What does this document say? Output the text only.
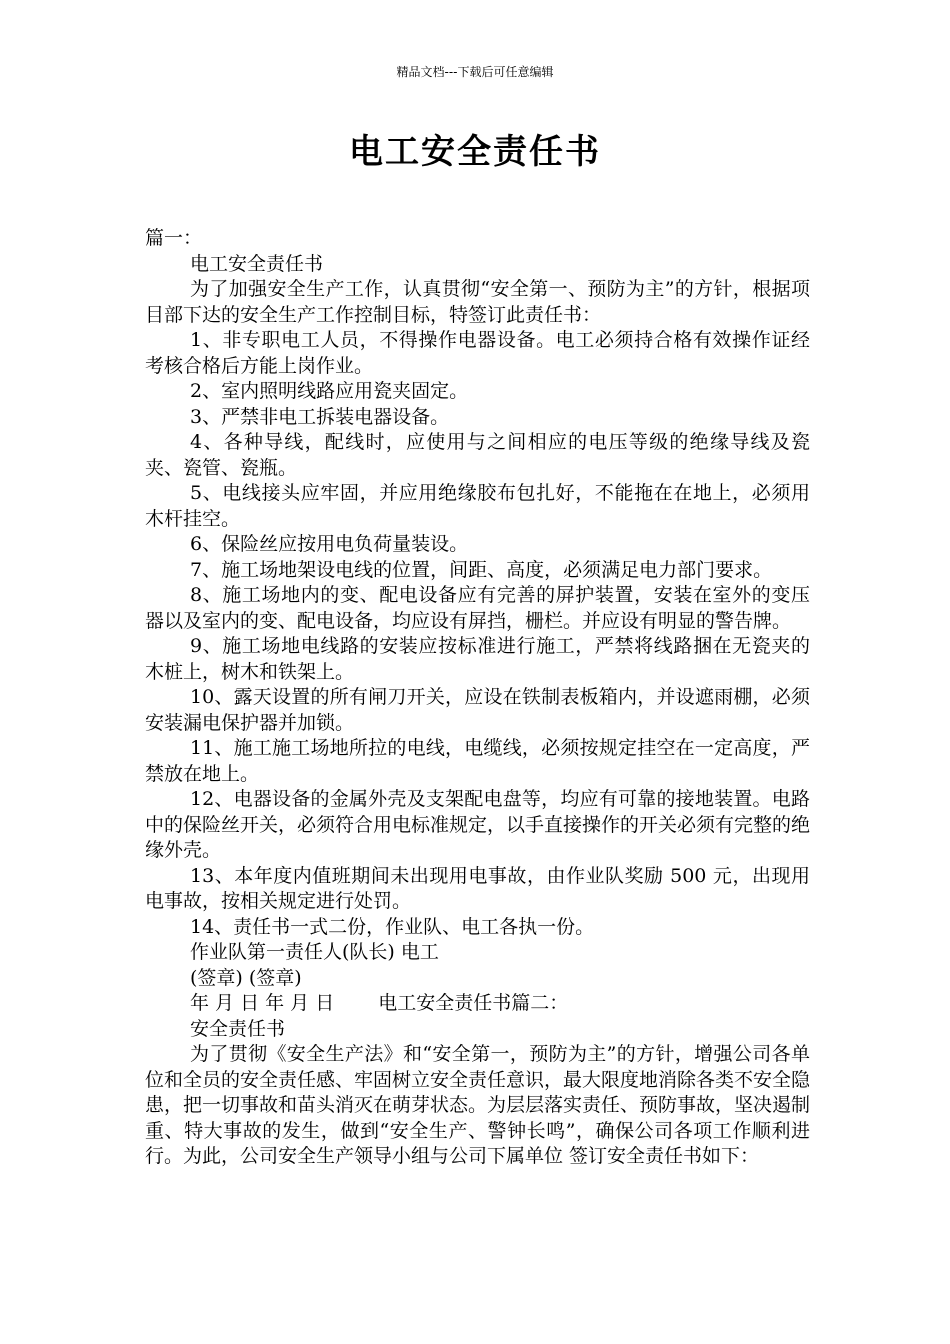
精品文档---下载后可任意编辑
电工安全责任书

篇一：

电工安全责任书

为了加强安全生产工作，认真贯彻“安全第一、预防为主”的方针，根据项目部下达的安全生产工作控制目标，特签订此责任书：

1、非专职电工人员，不得操作电器设备。电工必须持合格有效操作证经考核合格后方能上岗作业。

2、室内照明线路应用瓷夹固定。

3、严禁非电工拆装电器设备。

4、各种导线，配线时，应使用与之间相应的电压等级的绝缘导线及瓷夹、瓷管、瓷瓶。

5、电线接头应牢固，并应用绝缘胶布包扎好，不能拖在在地上，必须用木杆挂空。

6、保险丝应按用电负荷量装设。

7、施工场地架设电线的位置，间距、高度，必须满足电力部门要求。

8、施工场地内的变、配电设备应有完善的屏护装置，安装在室外的变压器以及室内的变、配电设备，均应设有屏挡，栅栏。并应设有明显的警告牌。

9、施工场地电线路的安装应按标准进行施工，严禁将线路捆在无瓷夹的木桩上，树木和铁架上。

10、露天设置的所有闸刀开关，应设在铁制表板箱内，并设遮雨棚，必须安装漏电保护器并加锁。

11、施工施工场地所拉的电线，电缆线，必须按规定挂空在一定高度，严禁放在地上。

12、电器设备的金属外壳及支架配电盘等，均应有可靠的接地装置。电路中的保险丝开关，必须符合用电标准规定，以手直接操作的开关必须有完整的绝缘外壳。

13、本年度内值班期间未出现用电事故，由作业队奖励 500 元，出现用电事故，按相关规定进行处罚。

14、责任书一式二份，作业队、电工各执一份。

作业队第一责任人(队长) 电工

(签章) (签章)

年 月 日 年 月 日 　　电工安全责任书篇二：

安全责任书

为了贯彻《安全生产法》和“安全第一，预防为主”的方针，增强公司各单位和全员的安全责任感、牢固树立安全责任意识，最大限度地消除各类不安全隐患，把一切事故和苗头消灭在萌芽状态。为层层落实责任、预防事故，坚决遏制重、特大事故的发生，做到“安全生产、警钟长鸣”，确保公司各项工作顺利进行。为此，公司安全生产领导小组与公司下属单位 签订安全责任书如下：
